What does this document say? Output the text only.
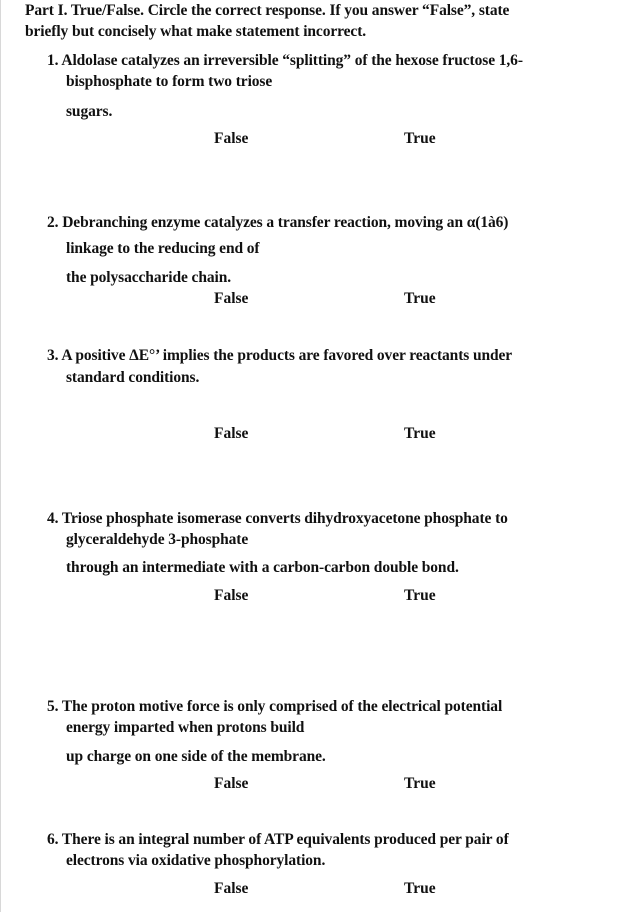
Part I. True/False. Circle the correct response. If you answer “False”, state
briefly but concisely what make statement incorrect.
1. Aldolase catalyzes an irreversible “splitting” of the hexose fructose 1,6-
bisphosphate to form two triose
sugars.
False	True
2. Debranching enzyme catalyzes a transfer reaction, moving an α(1à6)
linkage to the reducing end of
the polysaccharide chain.
False	True
3. A positive ΔE°’ implies the products are favored over reactants under
standard conditions.
False	True
4. Triose phosphate isomerase converts dihydroxyacetone phosphate to
glyceraldehyde 3-phosphate
through an intermediate with a carbon-carbon double bond.
False	True
5. The proton motive force is only comprised of the electrical potential
energy imparted when protons build
up charge on one side of the membrane.
False	True
6. There is an integral number of ATP equivalents produced per pair of
electrons via oxidative phosphorylation.
False	True
